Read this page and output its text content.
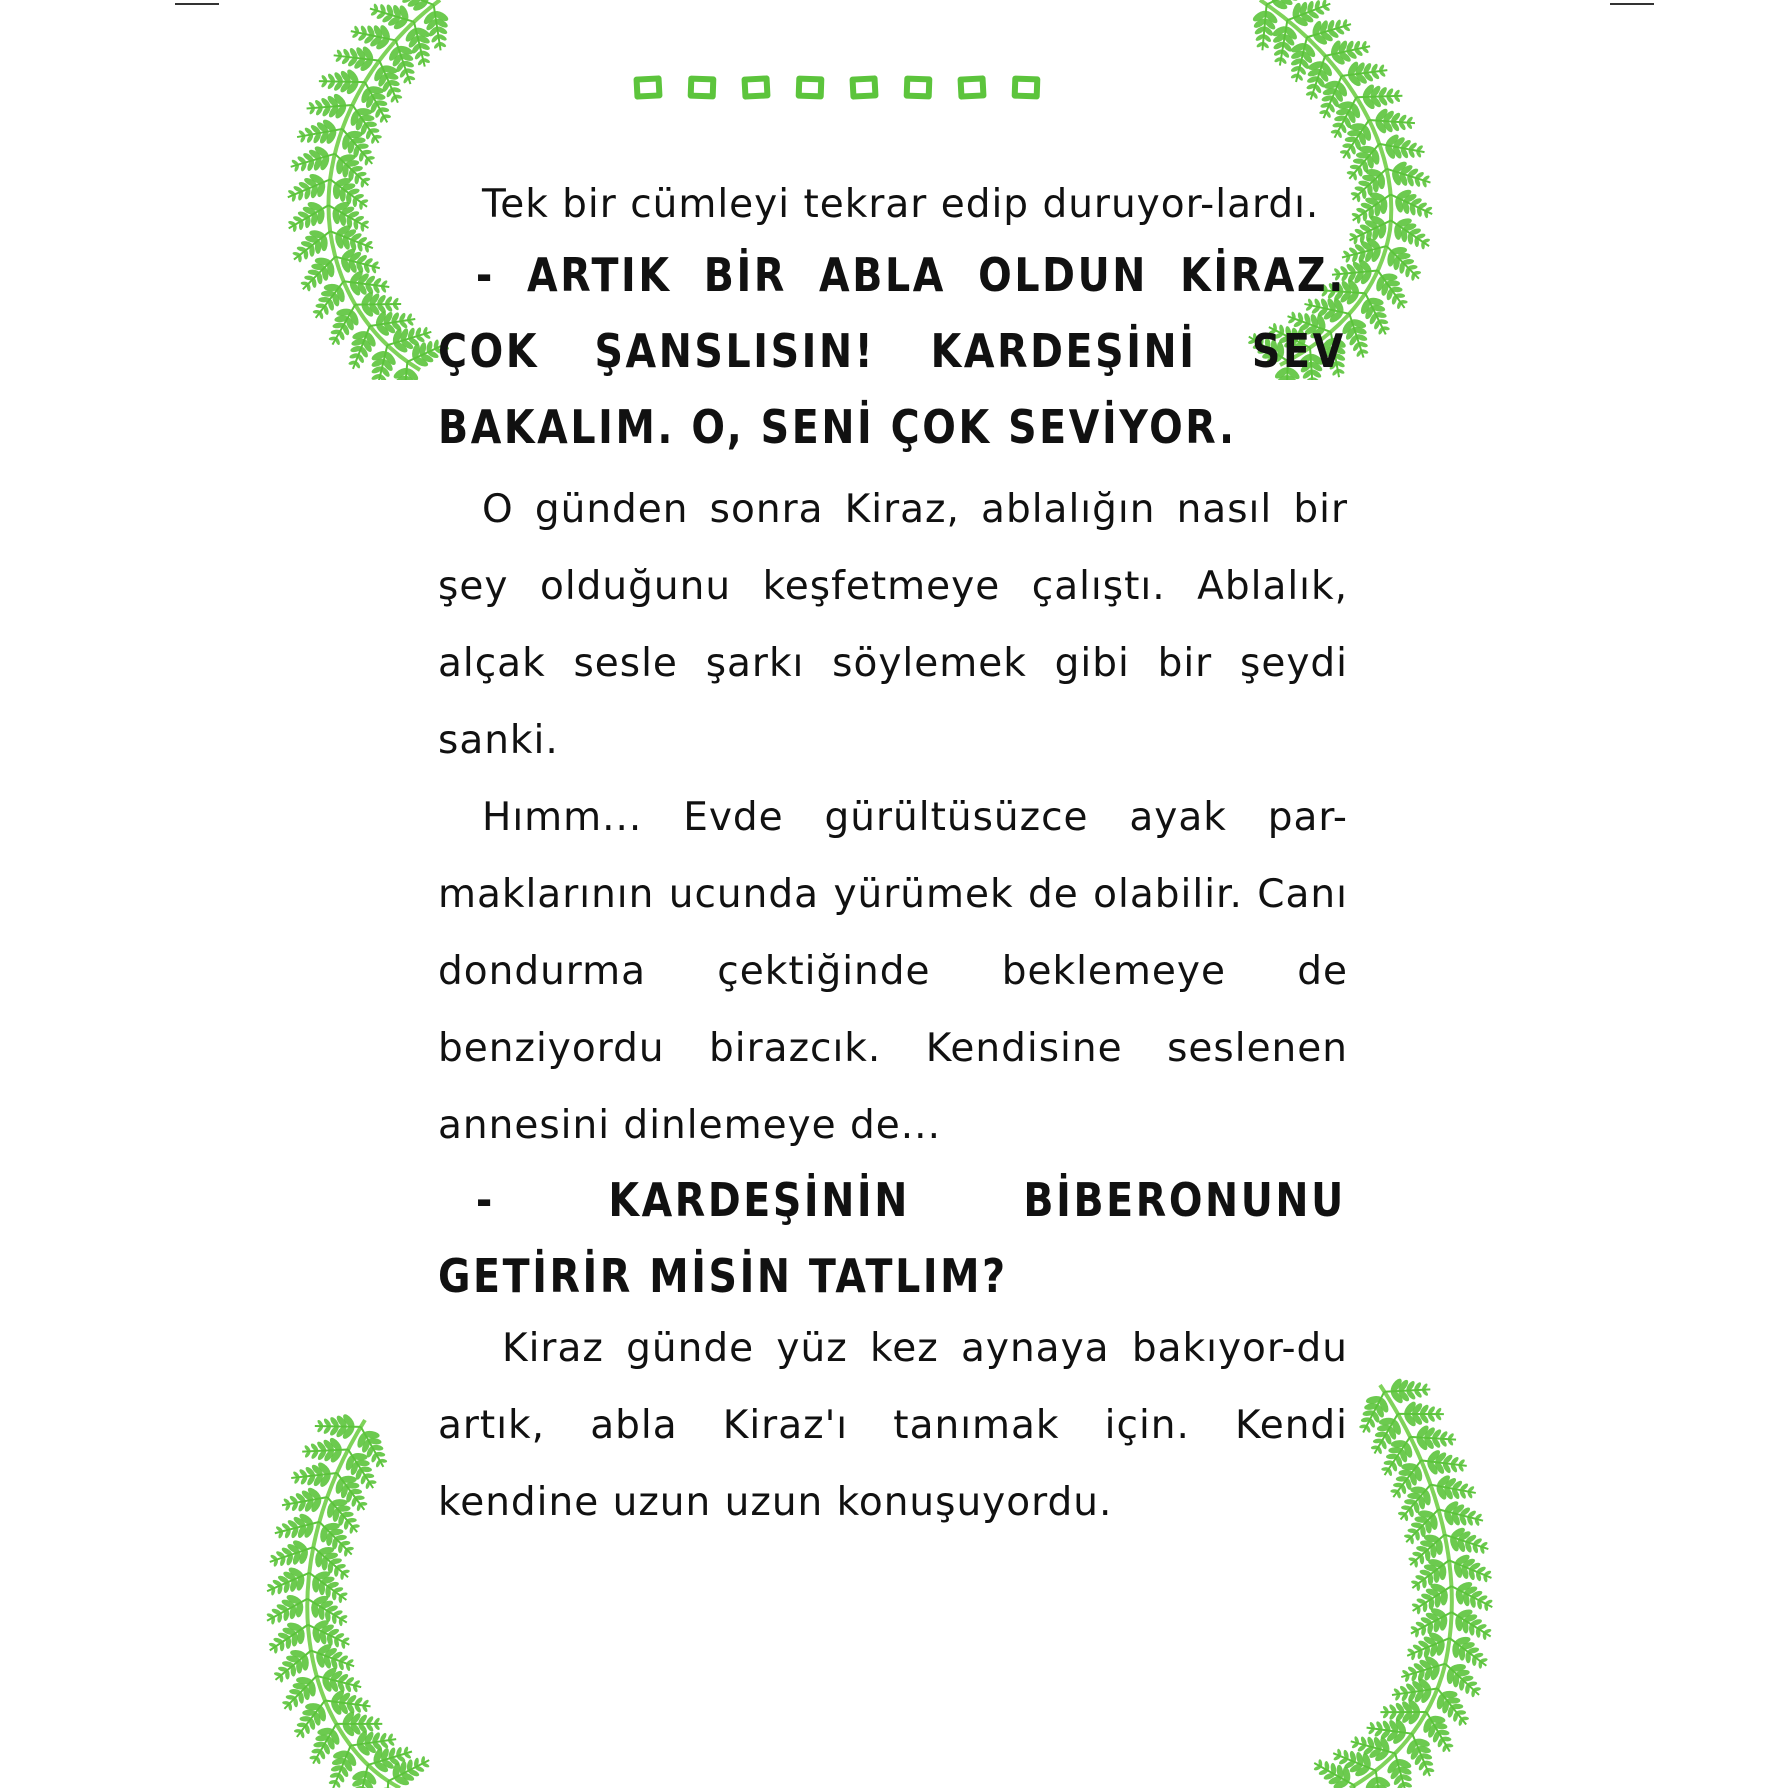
Tek bir cümleyi tekrar edip duruyor-lardı.

- ARTIK BİR ABLA OLDUN KİRAZ. ÇOK ŞANSLISIN! KARDEŞİNİ SEV BAKALIM. O, SENİ ÇOK SEVİYOR.

O günden sonra Kiraz, ablalığın nasıl bir şey olduğunu keşfetmeye çalıştı. Ablalık, alçak sesle şarkı söylemek gibi bir şeydi sanki.

Hımm... Evde gürültüsüzce ayak par-maklarının ucunda yürümek de olabilir. Canı dondurma çektiğinde beklemeye de benziyordu birazcık. Kendisine seslenen annesini dinlemeye de...

- KARDEŞİNİN BİBERONUNU GETİRİR MİSİN TATLIM?

Kiraz günde yüz kez aynaya bakıyor-du artık, abla Kiraz'ı tanımak için. Kendi kendine uzun uzun konuşuyordu.
